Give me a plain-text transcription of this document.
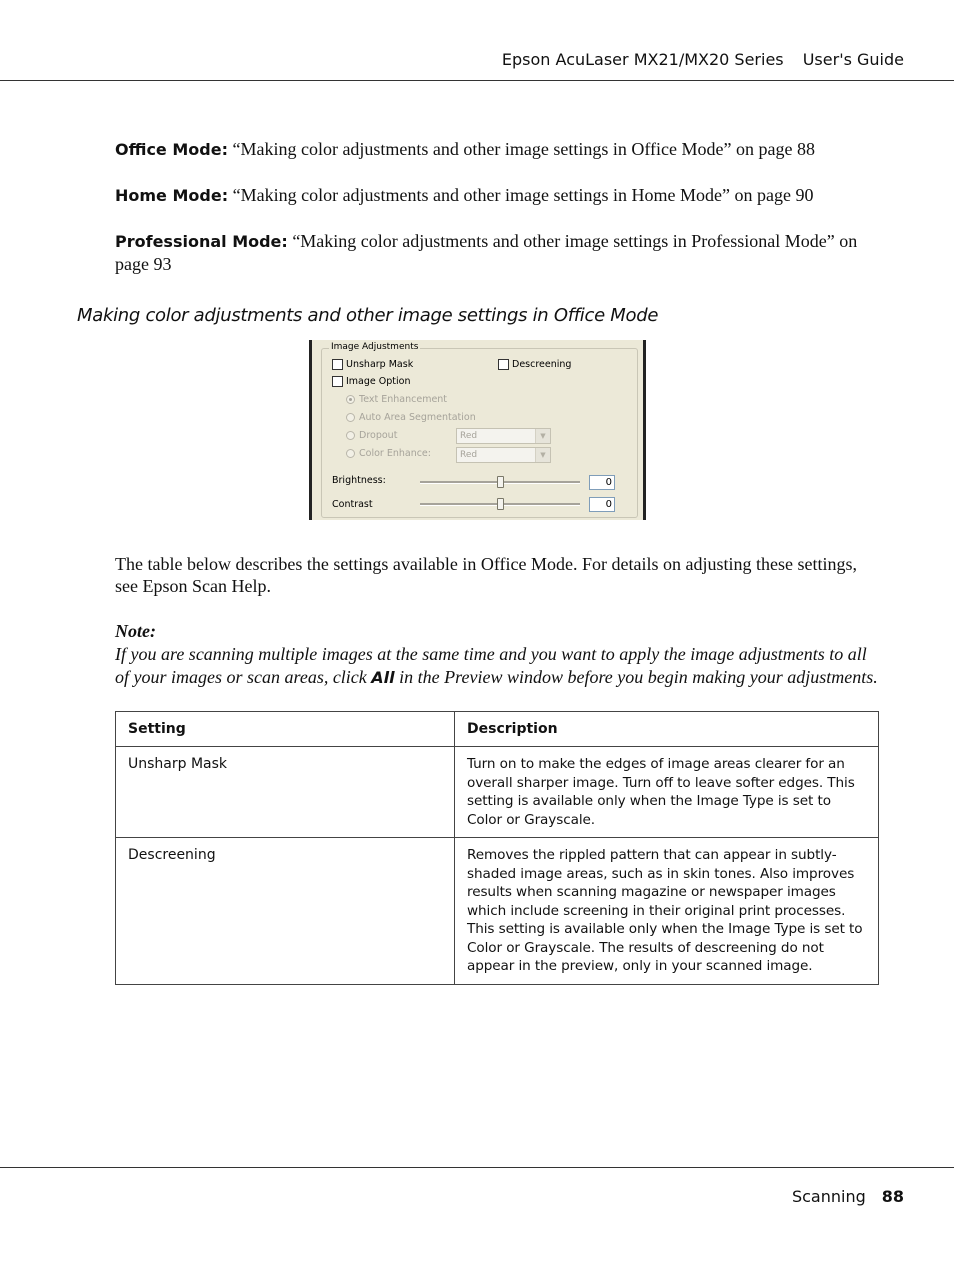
Epson AcuLaser MX21/MX20 Series User's Guide
Office Mode: “Making color adjustments and other image settings in Office Mode” on page 88
Home Mode: “Making color adjustments and other image settings in Home Mode” on page 90
Professional Mode: “Making color adjustments and other image settings in Professional Mode” on page 93
Making color adjustments and other image settings in Office Mode
Image Adjustments
Unsharp Mask	Descreening
Image Option
Text Enhancement
Auto Area Segmentation
Dropout	Red	▼
Color Enhance:	Red	▼
Brightness:	0
Contrast	0
The table below describes the settings available in Office Mode. For details on adjusting these settings, see Epson Scan Help.
Note:
If you are scanning multiple images at the same time and you want to apply the image adjustments to all of your images or scan areas, click All in the Preview window before you begin making your adjustments.
Setting	Description
Unsharp Mask	Turn on to make the edges of image areas clearer for an overall sharper image. Turn off to leave softer edges. This setting is available only when the Image Type is set to Color or Grayscale.
Descreening	Removes the rippled pattern that can appear in subtly-shaded image areas, such as in skin tones. Also improves results when scanning magazine or newspaper images which include screening in their original print processes. This setting is available only when the Image Type is set to Color or Grayscale. The results of descreening do not appear in the preview, only in your scanned image.
Scanning 88
